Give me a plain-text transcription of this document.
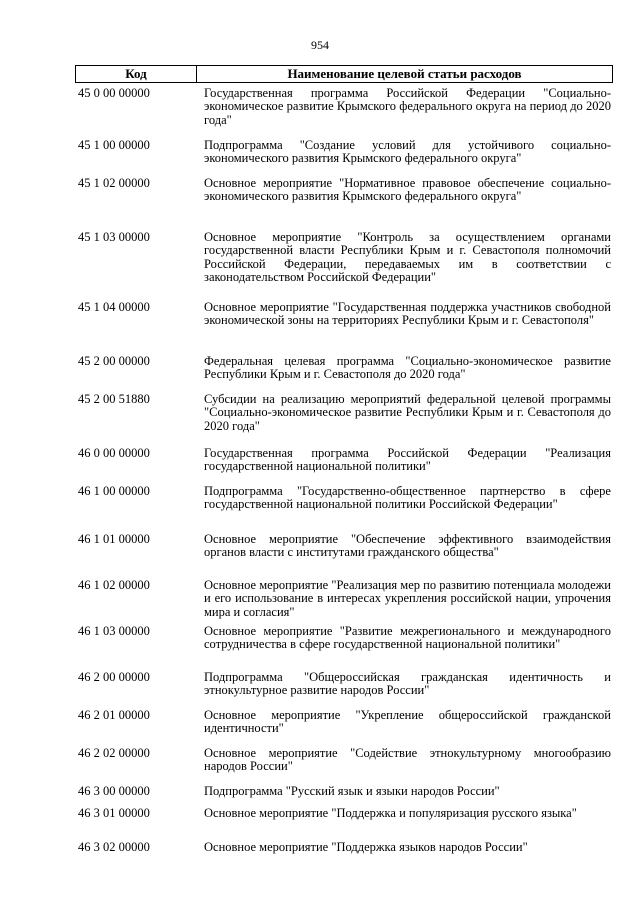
954
Код	Наименование целевой статьи расходов
45 0 00 00000	Государственная программа Российской Федерации "Социально-экономическое развитие Крымского федерального округа на период до 2020 года"
45 1 00 00000	Подпрограмма "Создание условий для устойчивого социально-экономического развития Крымского федерального округа"
45 1 02 00000	Основное мероприятие "Нормативное правовое обеспечение социально-экономического развития Крымского федерального округа"
45 1 03 00000	Основное мероприятие "Контроль за осуществлением органами государственной власти Республики Крым и г. Севастополя полномочий Российской Федерации, передаваемых им в соответствии с законодательством Российской Федерации"
45 1 04 00000	Основное мероприятие "Государственная поддержка участников свободной экономической зоны на территориях Республики Крым и г. Севастополя"
45 2 00 00000	Федеральная целевая программа "Социально-экономическое развитие Республики Крым и г. Севастополя до 2020 года"
45 2 00 51880	Субсидии на реализацию мероприятий федеральной целевой программы "Социально-экономическое развитие Республики Крым и г. Севастополя до 2020 года"
46 0 00 00000	Государственная программа Российской Федерации "Реализация государственной национальной политики"
46 1 00 00000	Подпрограмма "Государственно-общественное партнерство в сфере государственной национальной политики Российской Федерации"
46 1 01 00000	Основное мероприятие "Обеспечение эффективного взаимодействия органов власти с институтами гражданского общества"
46 1 02 00000	Основное мероприятие "Реализация мер по развитию потенциала молодежи и его использование в интересах укрепления российской нации, упрочения мира и согласия"
46 1 03 00000	Основное мероприятие "Развитие межрегионального и международного сотрудничества в сфере государственной национальной политики"
46 2 00 00000	Подпрограмма "Общероссийская гражданская идентичность и этнокультурное развитие народов России"
46 2 01 00000	Основное мероприятие "Укрепление общероссийской гражданской идентичности"
46 2 02 00000	Основное мероприятие "Содействие этнокультурному многообразию народов России"
46 3 00 00000	Подпрограмма "Русский язык и языки народов России"
46 3 01 00000	Основное мероприятие "Поддержка и популяризация русского языка"
46 3 02 00000	Основное мероприятие "Поддержка языков народов России"
